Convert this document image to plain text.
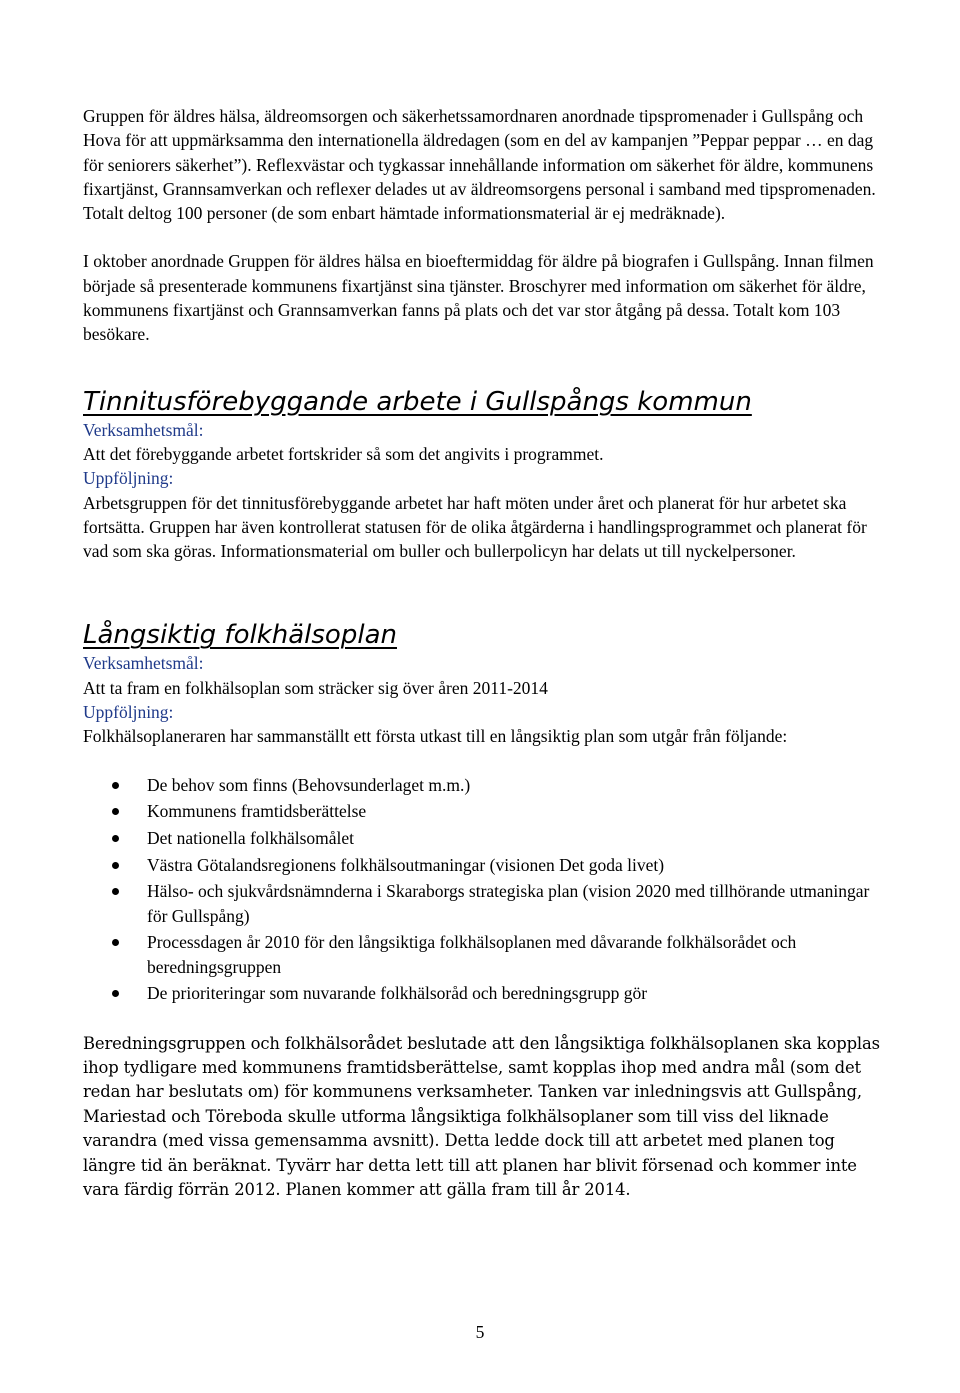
Gruppen för äldres hälsa, äldreomsorgen och säkerhetssamordnaren anordnade tipspromenader i Gullspång och Hova för att uppmärksamma den internationella äldredagen (som en del av kampanjen ”Peppar peppar … en dag för seniorers säkerhet”). Reflexvästar och tygkassar innehållande information om säkerhet för äldre, kommunens fixartjänst, Grannsamverkan och reflexer delades ut av äldreomsorgens personal i samband med tipspromenaden. Totalt deltog 100 personer (de som enbart hämtade informationsmaterial är ej medräknade).

I oktober anordnade Gruppen för äldres hälsa en bioeftermiddag för äldre på biografen i Gullspång. Innan filmen började så presenterade kommunens fixartjänst sina tjänster. Broschyrer med information om säkerhet för äldre, kommunens fixartjänst och Grannsamverkan fanns på plats och det var stor åtgång på dessa. Totalt kom 103 besökare.

Tinnitusförebyggande arbete i Gullspångs kommun

Verksamhetsmål:

Att det förebyggande arbetet fortskrider så som det angivits i programmet.

Uppföljning:

Arbetsgruppen för det tinnitusförebyggande arbetet har haft möten under året och planerat för hur arbetet ska fortsätta. Gruppen har även kontrollerat statusen för de olika åtgärderna i handlingsprogrammet och planerat för vad som ska göras. Informationsmaterial om buller och bullerpolicyn har delats ut till nyckelpersoner.

Långsiktig folkhälsoplan

Verksamhetsmål:

Att ta fram en folkhälsoplan som sträcker sig över åren 2011-2014

Uppföljning:

Folkhälsoplaneraren har sammanställt ett första utkast till en långsiktig plan som utgår från följande:

De behov som finns (Behovsunderlaget m.m.)
Kommunens framtidsberättelse
Det nationella folkhälsomålet
Västra Götalandsregionens folkhälsoutmaningar (visionen Det goda livet)
Hälso- och sjukvårdsnämnderna i Skaraborgs strategiska plan (vision 2020 med tillhörande utmaningar för Gullspång)
Processdagen år 2010 för den långsiktiga folkhälsoplanen med dåvarande folkhälsorådet och beredningsgruppen
De prioriteringar som nuvarande folkhälsoråd och beredningsgrupp gör

Beredningsgruppen och folkhälsorådet beslutade att den långsiktiga folkhälsoplanen ska kopplas ihop tydligare med kommunens framtidsberättelse, samt kopplas ihop med andra mål (som det redan har beslutats om) för kommunens verksamheter. Tanken var inledningsvis att Gullspång, Mariestad och Töreboda skulle utforma långsiktiga folkhälsoplaner som till viss del liknade varandra (med vissa gemensamma avsnitt). Detta ledde dock till att arbetet med planen tog längre tid än beräknat. Tyvärr har detta lett till att planen har blivit försenad och kommer inte vara färdig förrän 2012. Planen kommer att gälla fram till år 2014.

5
